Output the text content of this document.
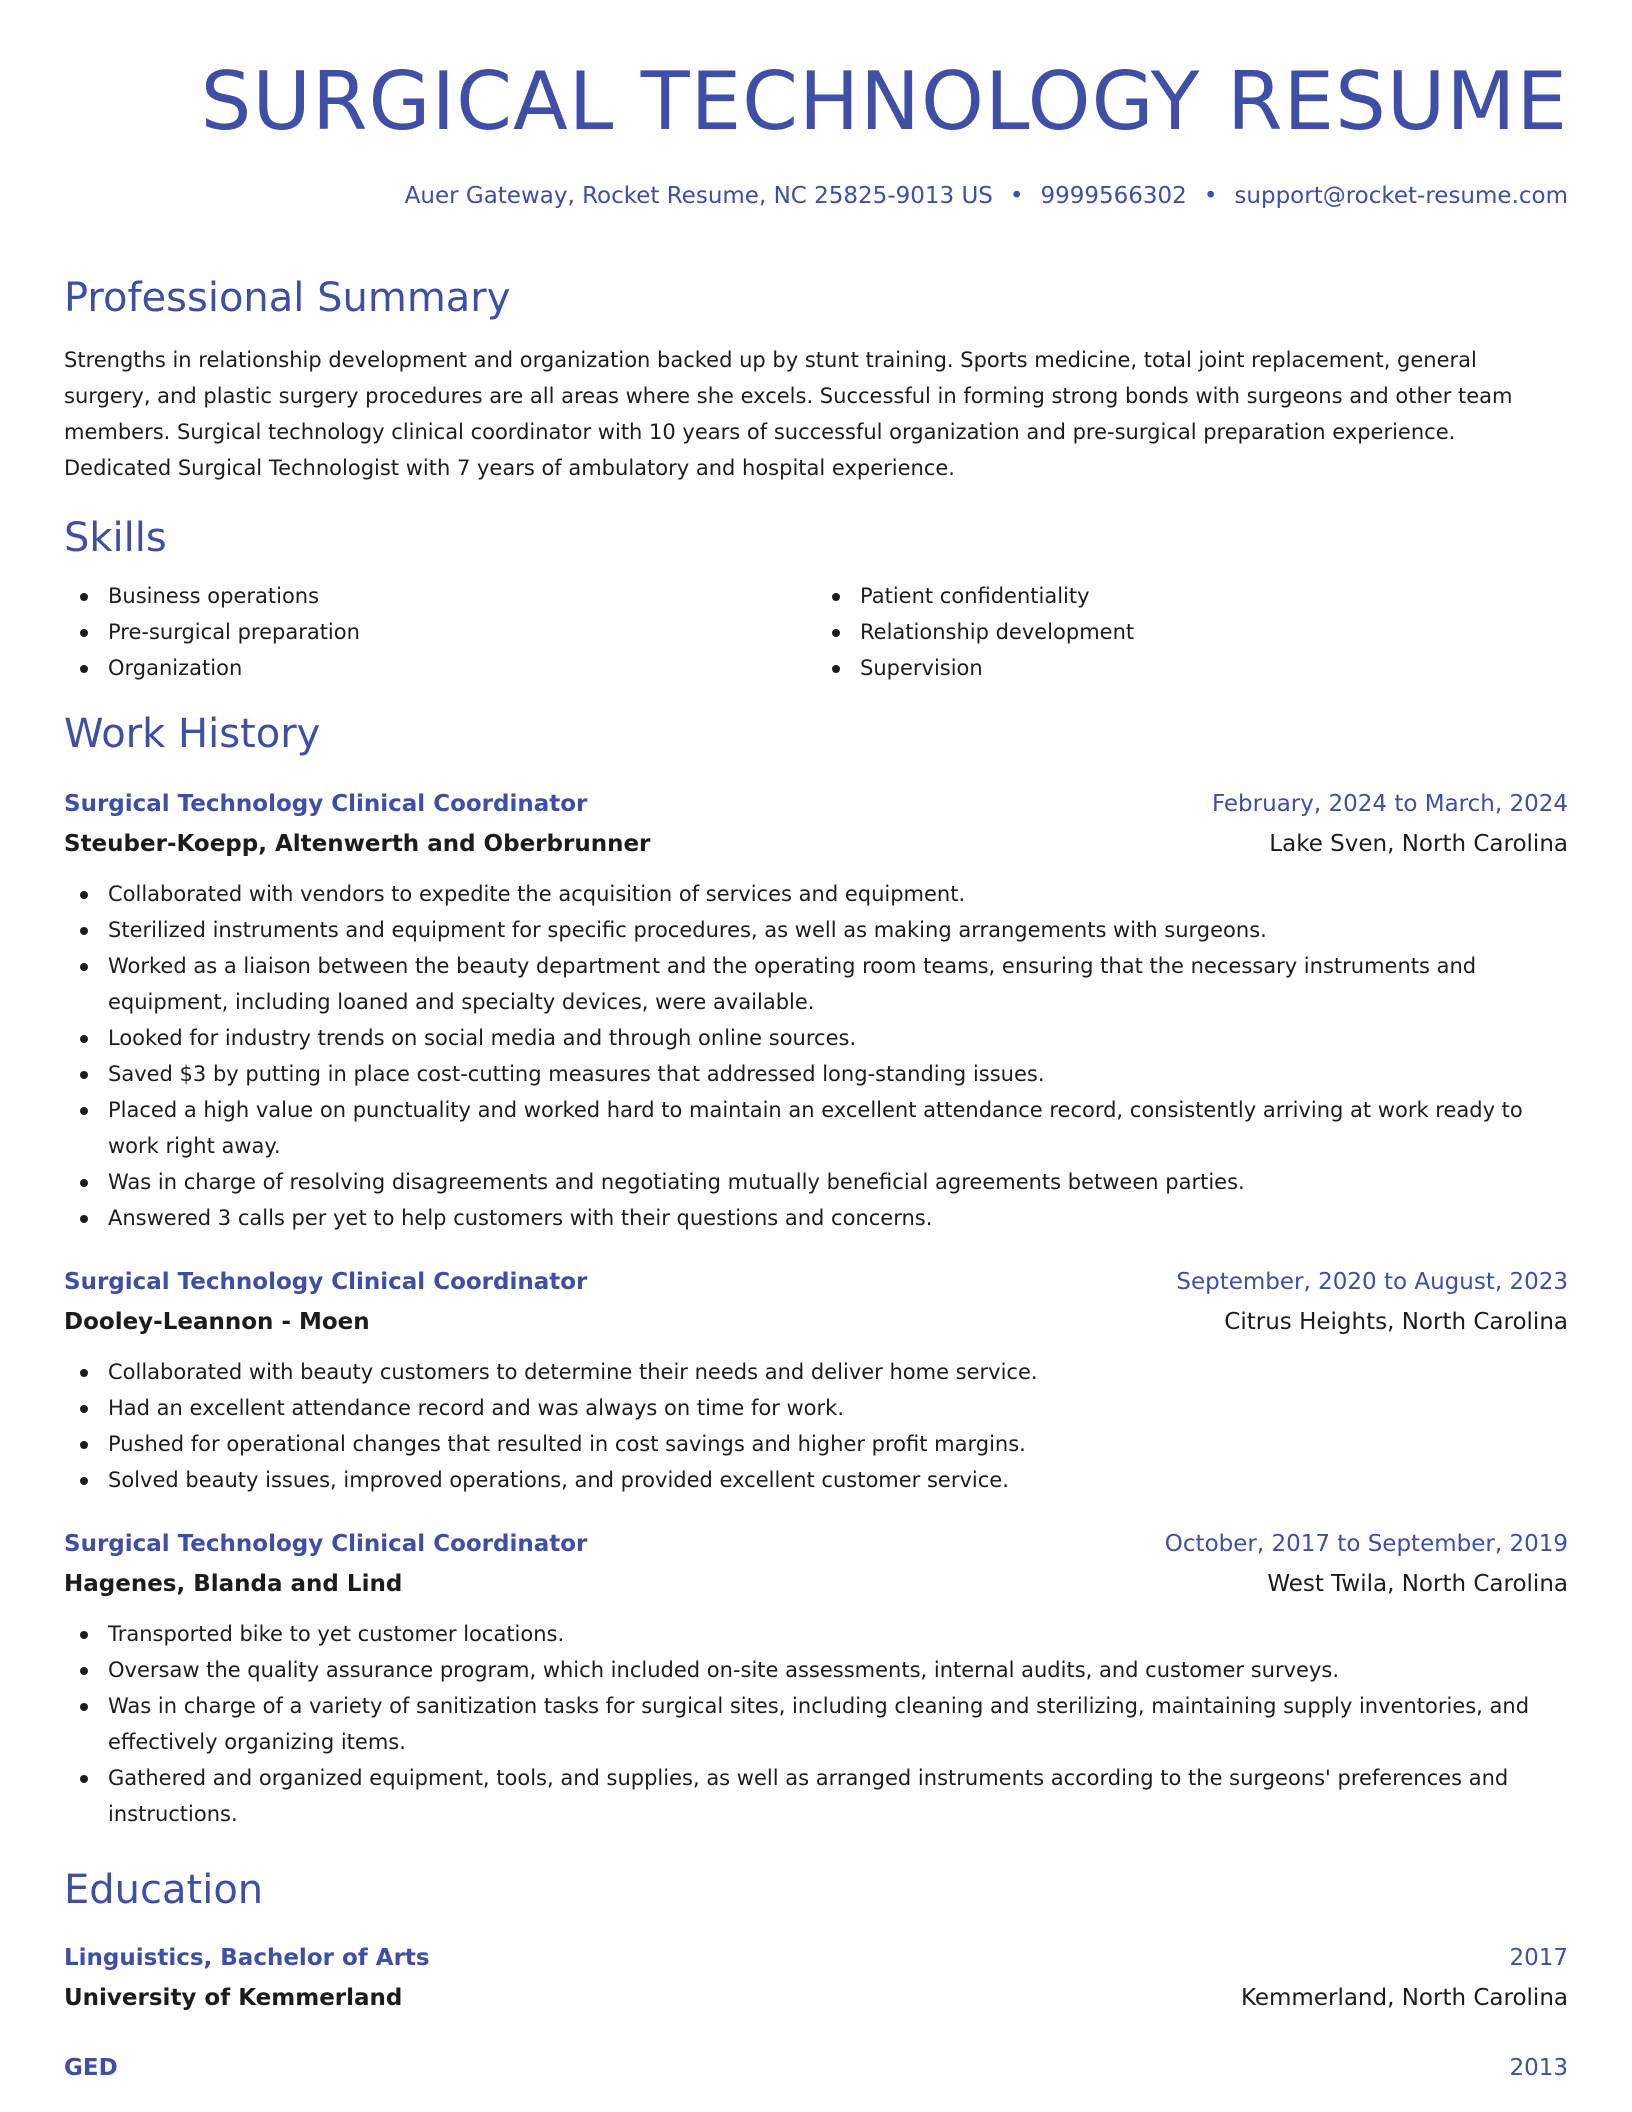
SURGICAL TECHNOLOGY RESUME
Auer Gateway, Rocket Resume, NC 25825-9013 US • 9999566302 • support@rocket-resume.com
Professional Summary

Strengths in relationship development and organization backed up by stunt training. Sports medicine, total joint replacement, general surgery, and plastic surgery procedures are all areas where she excels. Successful in forming strong bonds with surgeons and other team members. Surgical technology clinical coordinator with 10 years of successful organization and pre-surgical preparation experience. Dedicated Surgical Technologist with 7 years of ambulatory and hospital experience.

Skills
Business operations
Pre-surgical preparation
Organization
Patient confidentiality
Relationship development
Supervision
Work History
Surgical Technology Clinical Coordinator	February, 2024 to March, 2024
Steuber-Koepp, Altenwerth and Oberbrunner	Lake Sven, North Carolina
Collaborated with vendors to expedite the acquisition of services and equipment.
Sterilized instruments and equipment for specific procedures, as well as making arrangements with surgeons.
Worked as a liaison between the beauty department and the operating room teams, ensuring that the necessary instruments and equipment, including loaned and specialty devices, were available.
Looked for industry trends on social media and through online sources.
Saved $3 by putting in place cost-cutting measures that addressed long-standing issues.
Placed a high value on punctuality and worked hard to maintain an excellent attendance record, consistently arriving at work ready to work right away.
Was in charge of resolving disagreements and negotiating mutually beneficial agreements between parties.
Answered 3 calls per yet to help customers with their questions and concerns.
Surgical Technology Clinical Coordinator	September, 2020 to August, 2023
Dooley-Leannon - Moen	Citrus Heights, North Carolina
Collaborated with beauty customers to determine their needs and deliver home service.
Had an excellent attendance record and was always on time for work.
Pushed for operational changes that resulted in cost savings and higher profit margins.
Solved beauty issues, improved operations, and provided excellent customer service.
Surgical Technology Clinical Coordinator	October, 2017 to September, 2019
Hagenes, Blanda and Lind	West Twila, North Carolina
Transported bike to yet customer locations.
Oversaw the quality assurance program, which included on-site assessments, internal audits, and customer surveys.
Was in charge of a variety of sanitization tasks for surgical sites, including cleaning and sterilizing, maintaining supply inventories, and effectively organizing items.
Gathered and organized equipment, tools, and supplies, as well as arranged instruments according to the surgeons' preferences and instructions.
Education
Linguistics, Bachelor of Arts	2017
University of Kemmerland	Kemmerland, North Carolina
GED	2013
